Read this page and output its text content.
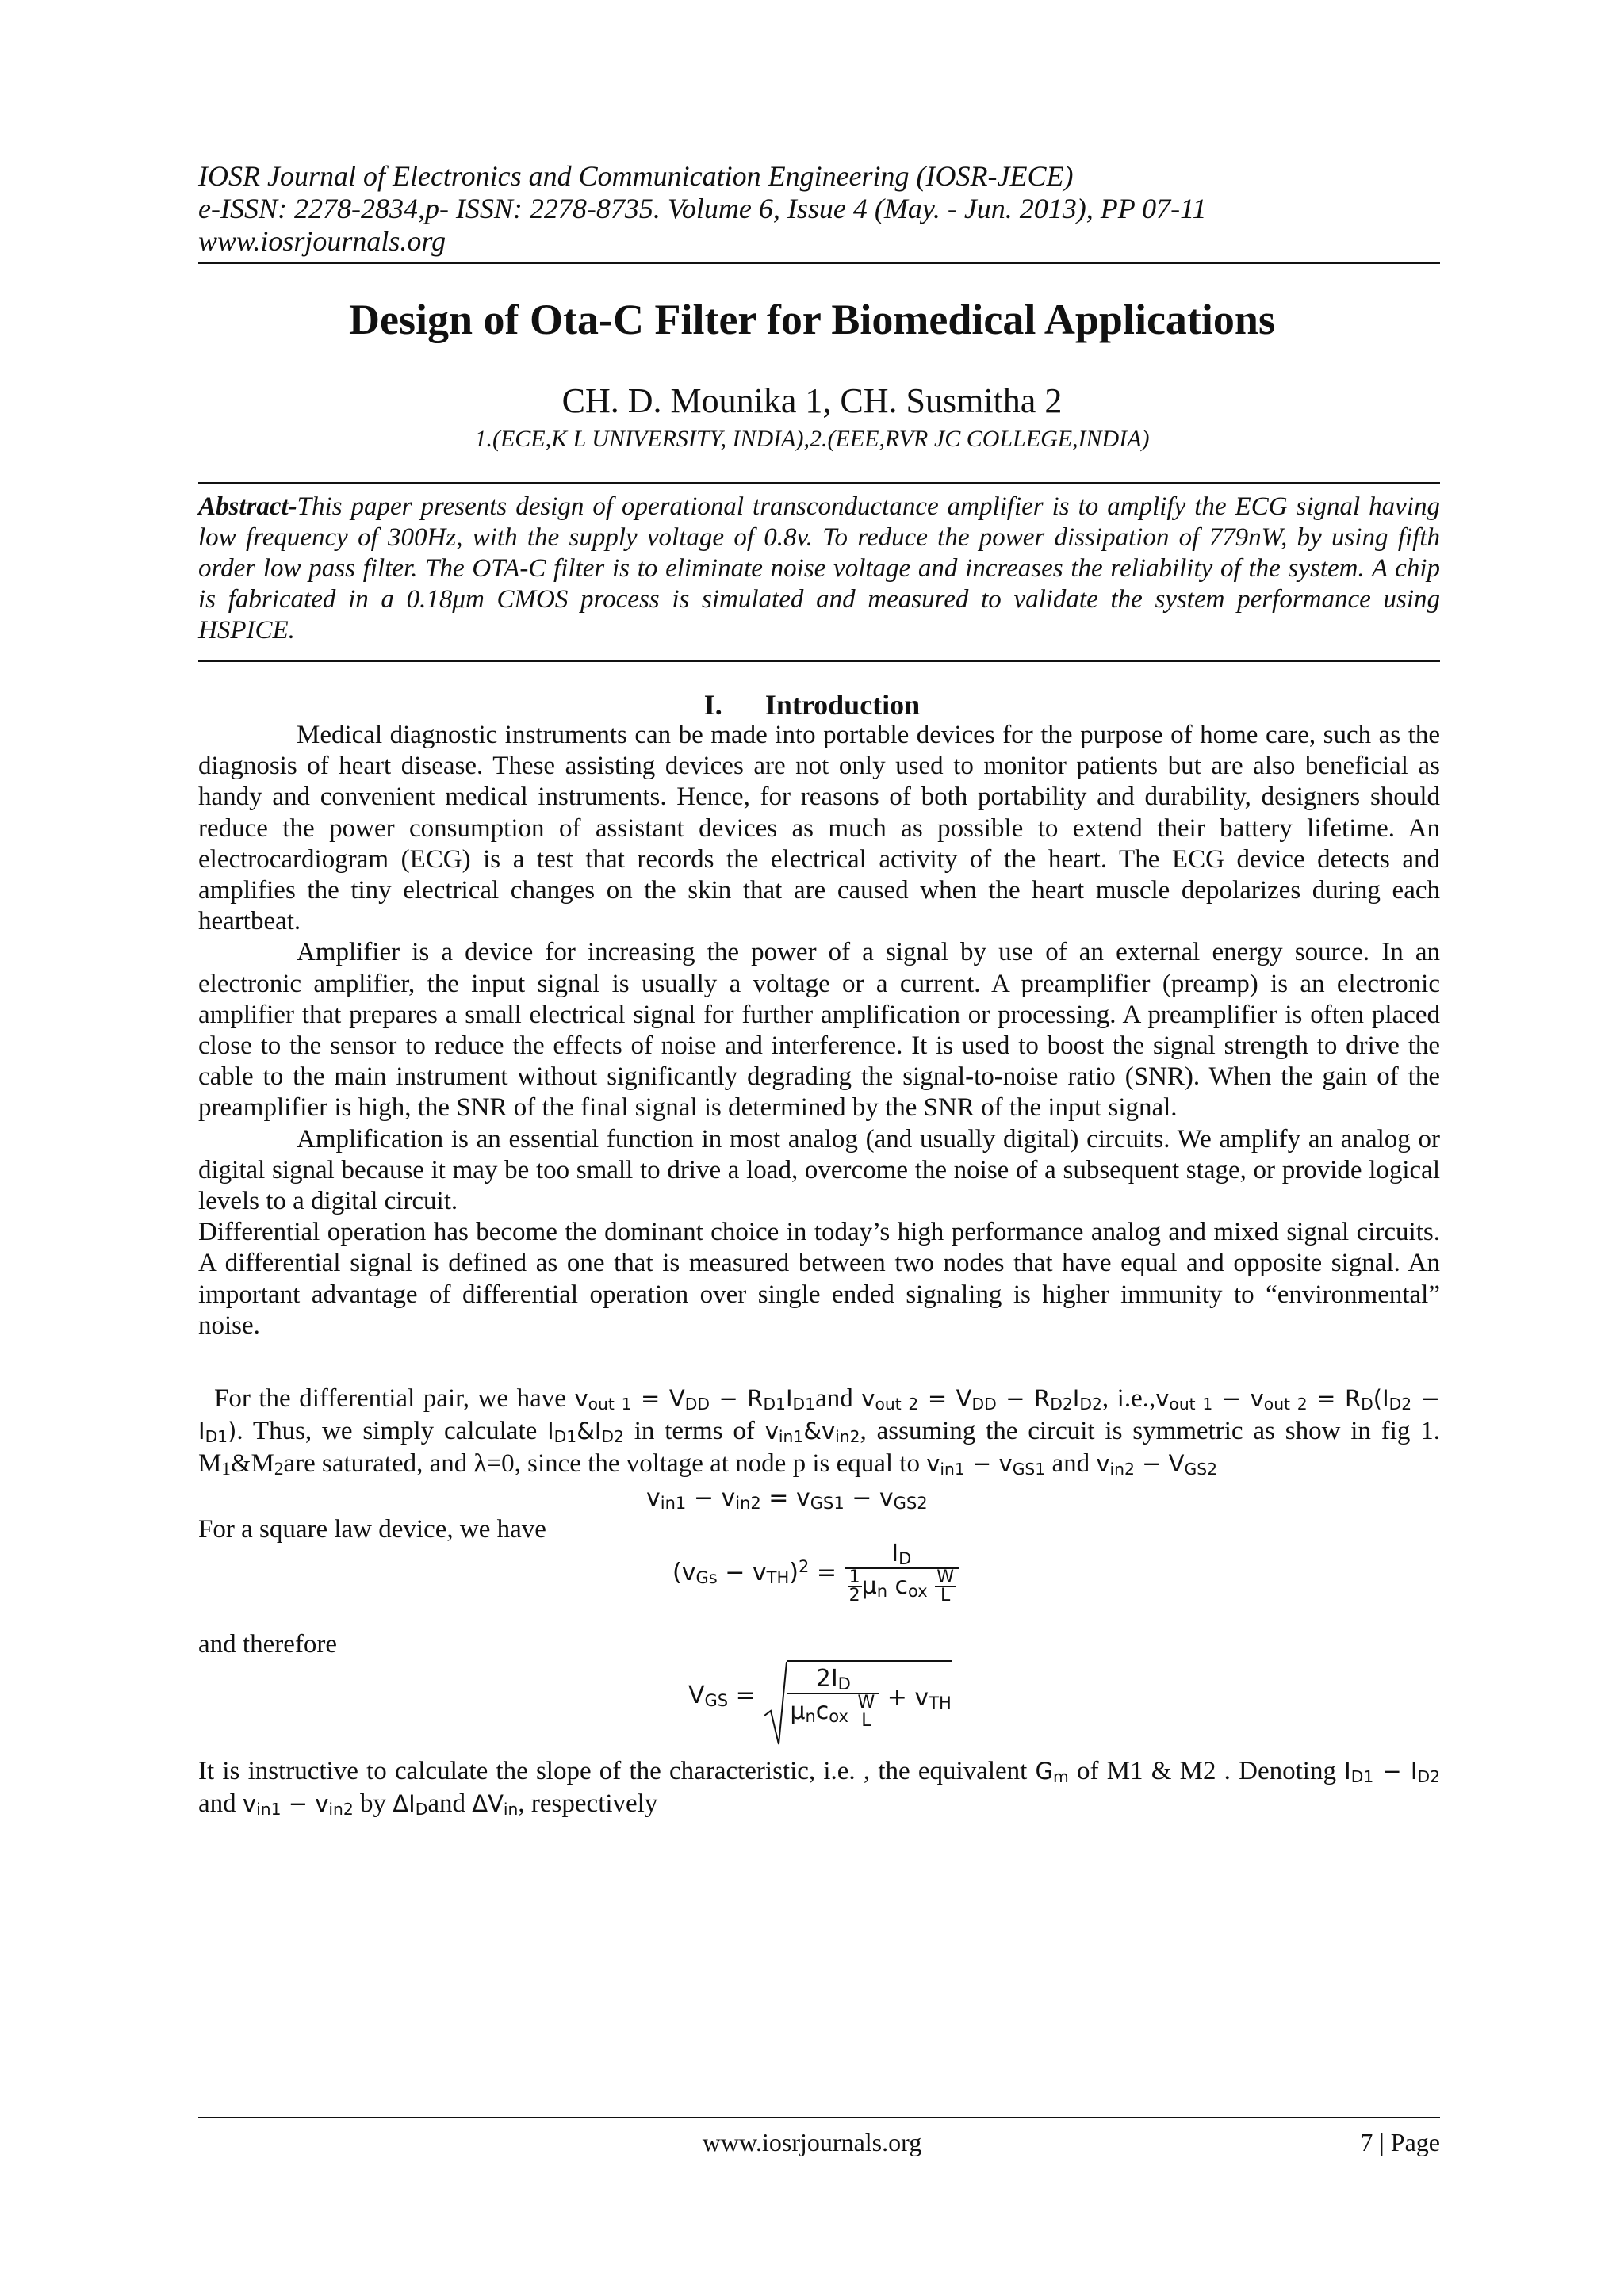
IOSR Journal of Electronics and Communication Engineering (IOSR-JECE)
e-ISSN: 2278-2834,p- ISSN: 2278-8735. Volume 6, Issue 4 (May. - Jun. 2013), PP 07-11
www.iosrjournals.org
Design of Ota-C Filter for Biomedical Applications
CH. D. Mounika 1, CH. Susmitha 2
1.(ECE,K L UNIVERSITY, INDIA),2.(EEE,RVR JC COLLEGE,INDIA)
Abstract-This paper presents design of operational transconductance amplifier is to amplify the ECG signal having low frequency of 300Hz, with the supply voltage of 0.8v. To reduce the power dissipation of 779nW, by using fifth order low pass filter. The OTA-C filter is to eliminate noise voltage and increases the reliability of the system. A chip is fabricated in a 0.18μm CMOS process is simulated and measured to validate the system performance using HSPICE.
I. Introduction

Medical diagnostic instruments can be made into portable devices for the purpose of home care, such as the diagnosis of heart disease. These assisting devices are not only used to monitor patients but are also beneficial as handy and convenient medical instruments. Hence, for reasons of both portability and durability, designers should reduce the power consumption of assistant devices as much as possible to extend their battery lifetime. An electrocardiogram (ECG) is a test that records the electrical activity of the heart. The ECG device detects and amplifies the tiny electrical changes on the skin that are caused when the heart muscle depolarizes during each heartbeat.

Amplifier is a device for increasing the power of a signal by use of an external energy source. In an electronic amplifier, the input signal is usually a voltage or a current. A preamplifier (preamp) is an electronic amplifier that prepares a small electrical signal for further amplification or processing. A preamplifier is often placed close to the sensor to reduce the effects of noise and interference. It is used to boost the signal strength to drive the cable to the main instrument without significantly degrading the signal-to-noise ratio (SNR). When the gain of the preamplifier is high, the SNR of the final signal is determined by the SNR of the input signal.

Amplification is an essential function in most analog (and usually digital) circuits. We amplify an analog or digital signal because it may be too small to drive a load, overcome the noise of a subsequent stage, or provide logical levels to a digital circuit.

Differential operation has become the dominant choice in today’s high performance analog and mixed signal circuits. A differential signal is defined as one that is measured between two nodes that have equal and opposite signal. An important advantage of differential operation over single ended signaling is higher immunity to “environmental” noise.

For the differential pair, we have $v_{out 1} = V_{DD} - R_{D1}I_{D1}and$ $v_{out 2} = V_{DD} - R_{D2}I_{D2}$, $i.e.,v_{out 1} - v_{out 2} = R_D(I_{D2} - I_{D1})$. Thus, we simply calculate $I_{D1}\&I_{D2}$ in terms of $v_{in1}\&v_{in2}$, assuming the circuit is symmetric as show in fig 1. $M_1\&M_2are$ saturated, and λ=0, since the voltage at node p is equal to $v_{in1} - v_{GS1}$ and $v_{in2} - V_{GS2}$
$v_{in1} - v_{in2} = v_{GS1} - v_{GS2}$
For a square law device, we have
$(v_{Gs} - v_{TH})^2 = \frac{I_D}{\frac{1}{2} \mu_n c_{ox} \frac{W}{L}}$
and therefore
$V_{GS} = \frac{2I_D}{\mu_nc_{ox} \frac{W}{L}} + v_{TH}$
It is instructive to calculate the slope of the characteristic, i.e. , the equivalent $G_m$ of M1 & M2 . Denoting $I_{D1} - I_{D2}$ and $v_{in1} - v_{in2}$ by $\Delta I_Dand$ $\Delta V_{in}$, respectively
www.iosrjournals.org	7 | Page
